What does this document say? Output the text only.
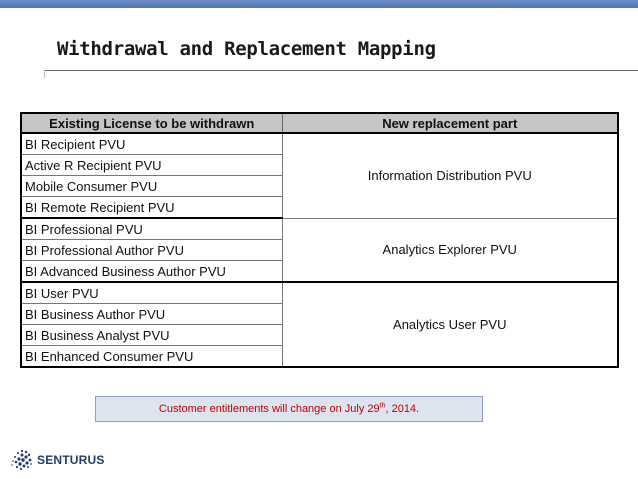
Withdrawal and Replacement Mapping
Existing License to be withdrawn	New replacement part
BI Recipient PVU	Information Distribution PVU
Active R Recipient PVU	
Mobile Consumer PVU	
BI Remote Recipient PVU	
BI Professional PVU	Analytics Explorer PVU
BI Professional Author PVU	
BI Advanced Business Author PVU	
BI User PVU	Analytics User PVU
BI Business Author PVU	
BI Business Analyst PVU	
BI Enhanced Consumer PVU	
Customer entitlements will change on July 29th, 2014.
SENTURUS
